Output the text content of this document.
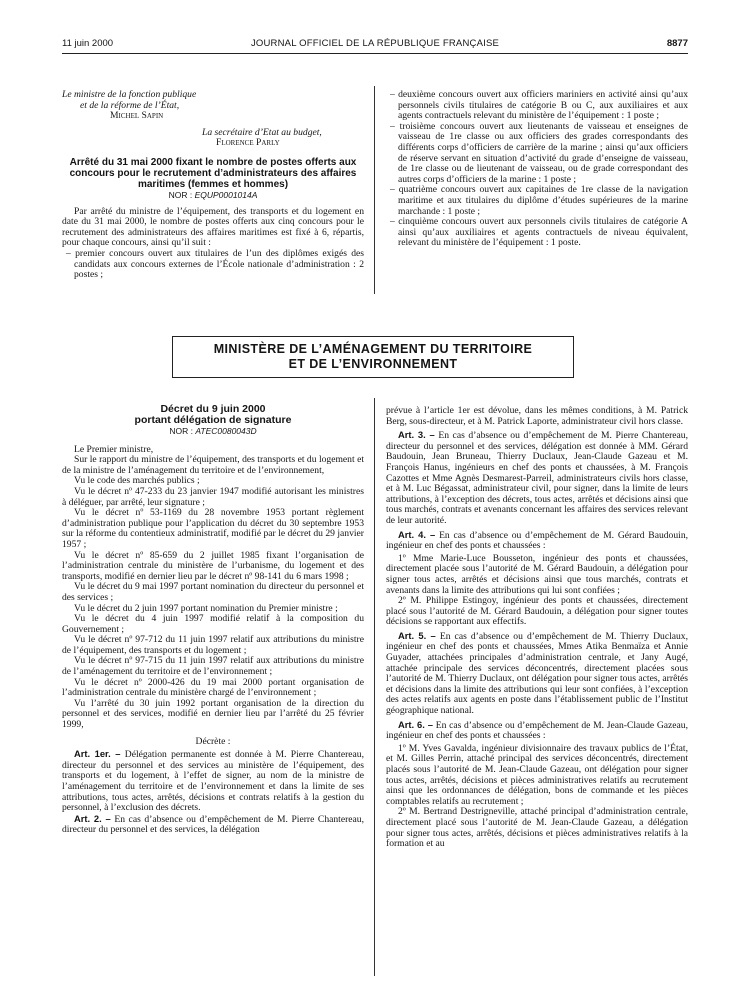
11 juin 2000	JOURNAL OFFICIEL DE LA RÉPUBLIQUE FRANÇAISE	8877

Le ministre de la fonction publique

et de la réforme de l’État,

Michel Sapin

La secrétaire d’Etat au budget,

Florence Parly

Arrêté du 31 mai 2000 fixant le nombre de postes offerts aux concours pour le recrutement d’administrateurs des affaires maritimes (femmes et hommes)

NOR : EQUP0001014A

Par arrêté du ministre de l’équipement, des transports et du logement en date du 31 mai 2000, le nombre de postes offerts aux cinq concours pour le recrutement des administrateurs des affaires maritimes est fixé à 6, répartis, pour chaque concours, ainsi qu’il suit :

– premier concours ouvert aux titulaires de l’un des diplômes exigés des candidats aux concours externes de l’École nationale d’administration : 2 postes ;

– deuxième concours ouvert aux officiers mariniers en activité ainsi qu’aux personnels civils titulaires de catégorie B ou C, aux auxiliaires et aux agents contractuels relevant du ministère de l’équipement : 1 poste ;

– troisième concours ouvert aux lieutenants de vaisseau et enseignes de vaisseau de 1re classe ou aux officiers des grades correspondants des différents corps d’officiers de carrière de la marine ; ainsi qu’aux officiers de réserve servant en situation d’activité du grade d’enseigne de vaisseau, de 1re classe ou de lieutenant de vaisseau, ou de grade correspondant des autres corps d’officiers de la marine : 1 poste ;

– quatrième concours ouvert aux capitaines de 1re classe de la navigation maritime et aux titulaires du diplôme d’études supérieures de la marine marchande : 1 poste ;

– cinquième concours ouvert aux personnels civils titulaires de catégorie A ainsi qu’aux auxiliaires et agents contractuels de niveau équivalent, relevant du ministère de l’équipement : 1 poste.

MINISTÈRE DE L’AMÉNAGEMENT DU TERRITOIRE
ET DE L’ENVIRONNEMENT

Décret du 9 juin 2000

portant délégation de signature

NOR : ATEC0080043D

Le Premier ministre,

Sur le rapport du ministre de l’équipement, des transports et du logement et de la ministre de l’aménagement du territoire et de l’environnement,

Vu le code des marchés publics ;

Vu le décret nº 47-233 du 23 janvier 1947 modifié autorisant les ministres à déléguer, par arrêté, leur signature ;

Vu le décret nº 53-1169 du 28 novembre 1953 portant règlement d’administration publique pour l’application du décret du 30 septembre 1953 sur la réforme du contentieux administratif, modifié par le décret du 29 janvier 1957 ;

Vu le décret nº 85-659 du 2 juillet 1985 fixant l’organisation de l’administration centrale du ministère de l’urbanisme, du logement et des transports, modifié en dernier lieu par le décret nº 98-141 du 6 mars 1998 ;

Vu le décret du 9 mai 1997 portant nomination du directeur du personnel et des services ;

Vu le décret du 2 juin 1997 portant nomination du Premier ministre ;

Vu le décret du 4 juin 1997 modifié relatif à la composition du Gouvernement ;

Vu le décret nº 97-712 du 11 juin 1997 relatif aux attributions du ministre de l’équipement, des transports et du logement ;

Vu le décret nº 97-715 du 11 juin 1997 relatif aux attributions du ministre de l’aménagement du territoire et de l’environnement ;

Vu le décret nº 2000-426 du 19 mai 2000 portant organisation de l’administration centrale du ministère chargé de l’environnement ;

Vu l’arrêté du 30 juin 1992 portant organisation de la direction du personnel et des services, modifié en dernier lieu par l’arrêté du 25 février 1999,

Décrète :

Art. 1er. – Délégation permanente est donnée à M. Pierre Chantereau, directeur du personnel et des services au ministère de l’équipement, des transports et du logement, à l’effet de signer, au nom de la ministre de l’aménagement du territoire et de l’environnement et dans la limite de ses attributions, tous actes, arrêtés, décisions et contrats relatifs à la gestion du personnel, à l’exclusion des décrets.

Art. 2. – En cas d’absence ou d’empêchement de M. Pierre Chantereau, directeur du personnel et des services, la délégation

prévue à l’article 1er est dévolue, dans les mêmes conditions, à M. Patrick Berg, sous-directeur, et à M. Patrick Laporte, administrateur civil hors classe.

Art. 3. – En cas d’absence ou d’empêchement de M. Pierre Chantereau, directeur du personnel et des services, délégation est donnée à MM. Gérard Baudouin, Jean Bruneau, Thierry Duclaux, Jean-Claude Gazeau et M. François Hanus, ingénieurs en chef des ponts et chaussées, à M. François Cazottes et Mme Agnès Desmarest-Parreil, administrateurs civils hors classe, et à M. Luc Bégassat, administrateur civil, pour signer, dans la limite de leurs attributions, à l’exception des décrets, tous actes, arrêtés et décisions ainsi que tous marchés, contrats et avenants concernant les affaires des services relevant de leur autorité.

Art. 4. – En cas d’absence ou d’empêchement de M. Gérard Baudouin, ingénieur en chef des ponts et chaussées :

1º Mme Marie-Luce Bousseton, ingénieur des ponts et chaussées, directement placée sous l’autorité de M. Gérard Baudouin, a délégation pour signer tous actes, arrêtés et décisions ainsi que tous marchés, contrats et avenants dans la limite des attributions qui lui sont confiées ;

2º M. Philippe Estingoy, ingénieur des ponts et chaussées, directement placé sous l’autorité de M. Gérard Baudouin, a délégation pour signer toutes décisions se rapportant aux effectifs.

Art. 5. – En cas d’absence ou d’empêchement de M. Thierry Duclaux, ingénieur en chef des ponts et chaussées, Mmes Atika Benmaïza et Annie Guyader, attachées principales d’administration centrale, et Jany Augé, attachée principale des services déconcentrés, directement placées sous l’autorité de M. Thierry Duclaux, ont délégation pour signer tous actes, arrêtés et décisions dans la limite des attributions qui leur sont confiées, à l’exception des actes relatifs aux agents en poste dans l’établissement public de l’Institut géographique national.

Art. 6. – En cas d’absence ou d’empêchement de M. Jean-Claude Gazeau, ingénieur en chef des ponts et chaussées :

1º M. Yves Gavalda, ingénieur divisionnaire des travaux publics de l’État, et M. Gilles Perrin, attaché principal des services déconcentrés, directement placés sous l’autorité de M. Jean-Claude Gazeau, ont délégation pour signer tous actes, arrêtés, décisions et pièces administratives relatifs au recrutement ainsi que les ordonnances de délégation, bons de commande et les pièces comptables relatifs au recrutement ;

2º M. Bertrand Destrigneville, attaché principal d’administration centrale, directement placé sous l’autorité de M. Jean-Claude Gazeau, a délégation pour signer tous actes, arrêtés, décisions et pièces administratives relatifs à la formation et au
